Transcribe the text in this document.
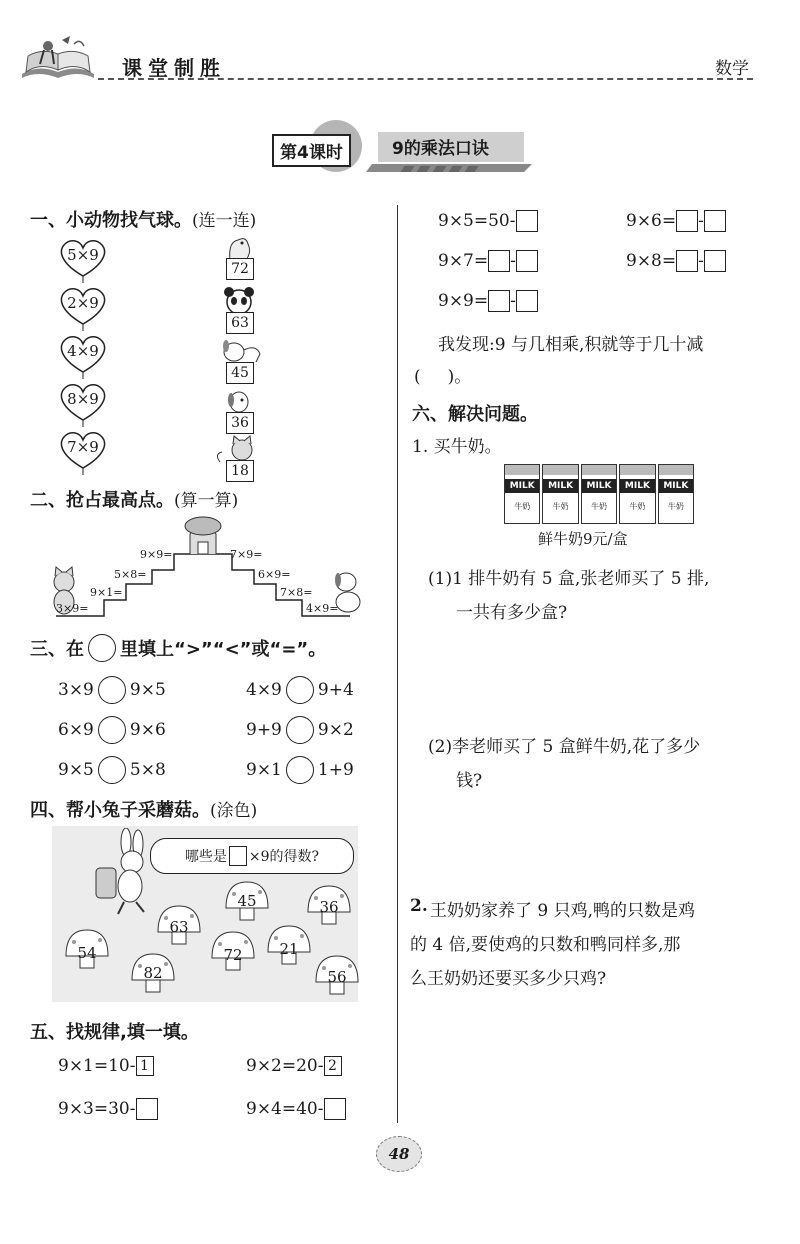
课堂制胜	数学
第4课时	9的乘法口诀
一、小动物找气球。(连一连)
5×9
2×9
4×9
8×9
7×9
72
63
45
36
18
二、抢占最高点。(算一算)
9×9=
5×8=
9×1=
3×9=
7×9=
6×9=
7×8=
4×9=
三、在 里填上“>”“<”或“=”。
3×9 9×5	4×9 9+4
6×9 9×6	9+9 9×2
9×5 5×8	9×1 1+9
四、帮小兔子采蘑菇。(涂色)
哪些是 ×9的得数?
45	36
63
54	72	21
82	56
五、找规律,填一填。
9×1=10- 1	9×2=20- 2
9×3=30-	9×4=40-
9×5=50-	9×6= -
9×7= -	9×8= -
9×9= -
我发现:9 与几相乘,积就等于几十减
(     )。
六、解决问题。
1. 买牛奶。
MILK
牛奶
MILK
牛奶
MILK
牛奶
MILK
牛奶
MILK
牛奶
鲜牛奶9元/盒
(1)1 排牛奶有 5 盒,张老师买了 5 排,
一共有多少盒?
(2)李老师买了 5 盒鲜牛奶,花了多少
钱?
2. 王奶奶家养了 9 只鸡,鸭的只数是鸡
的 4 倍,要使鸡的只数和鸭同样多,那
么王奶奶还要买多少只鸡?
48
